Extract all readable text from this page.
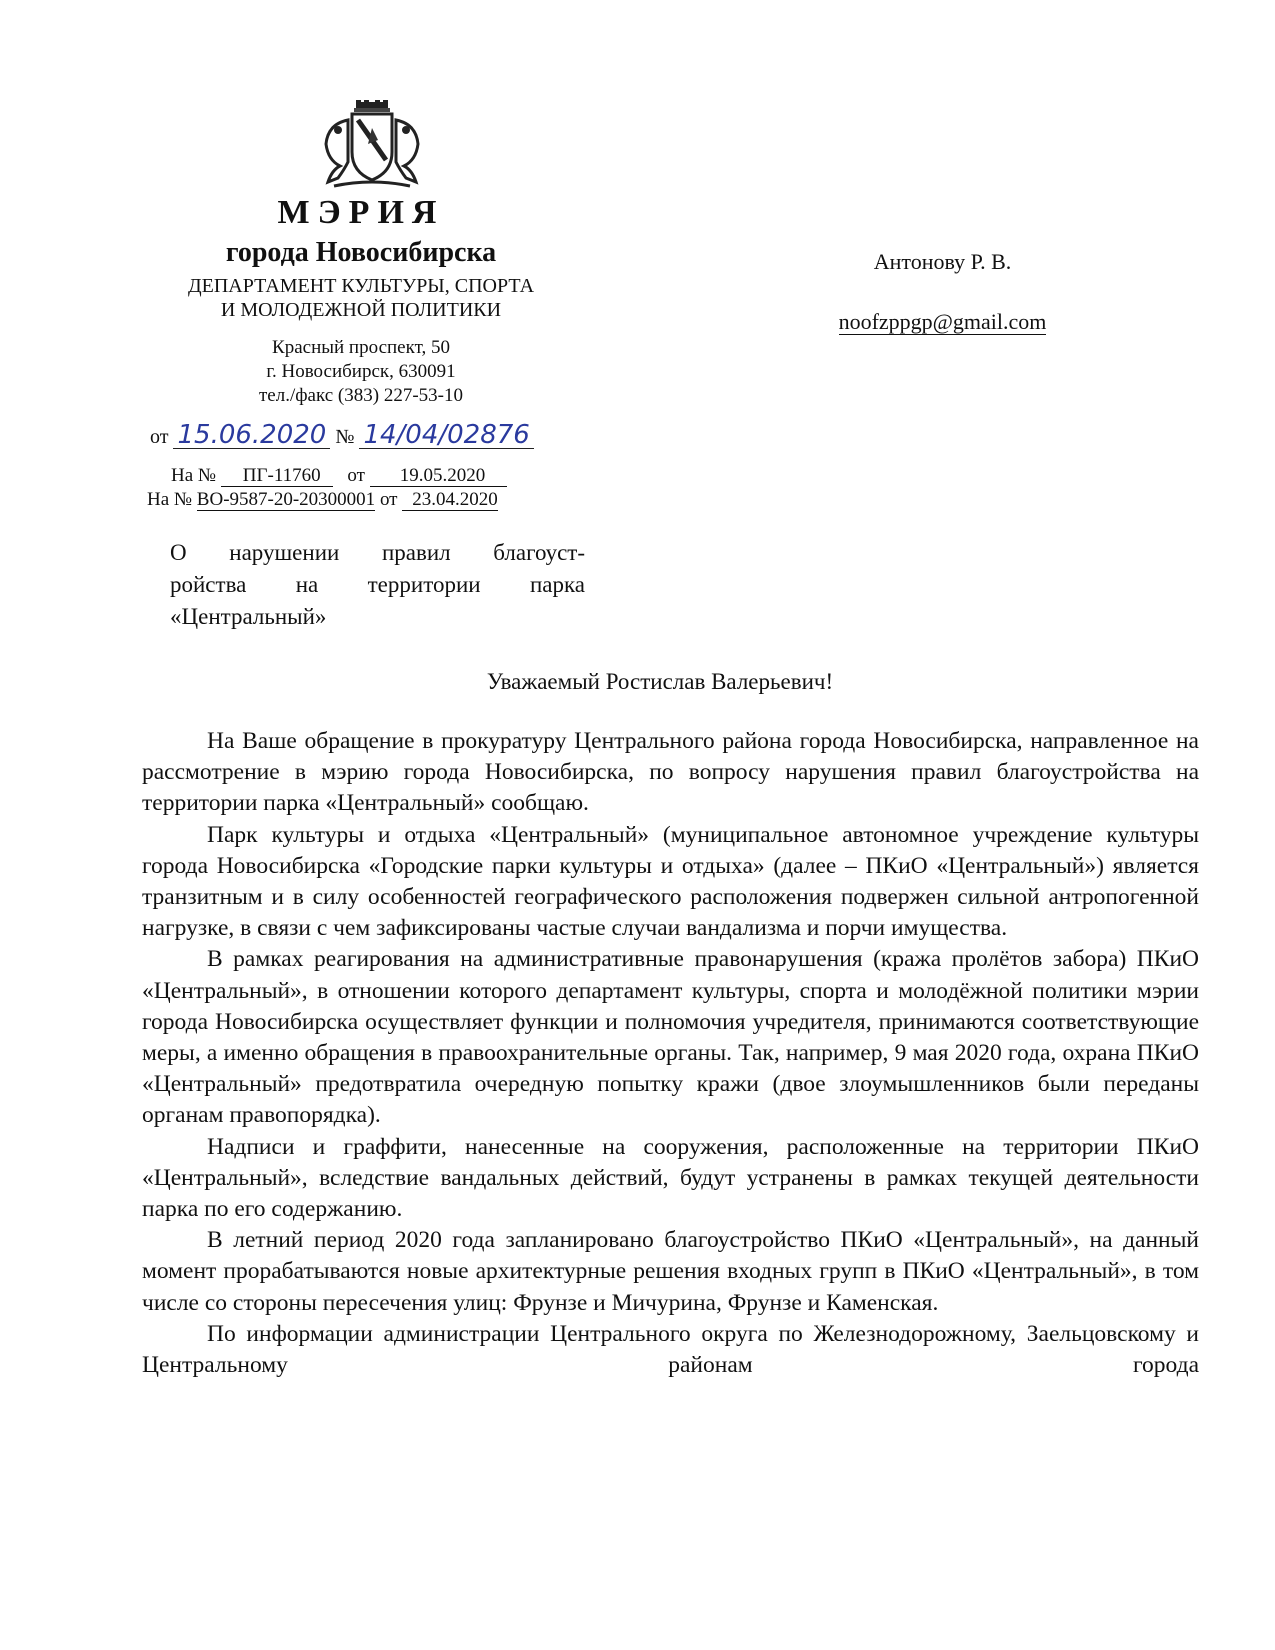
МЭРИЯ
города Новосибирска
ДЕПАРТАМЕНТ КУЛЬТУРЫ, СПОРТА
И МОЛОДЕЖНОЙ ПОЛИТИКИ
Красный проспект, 50
г. Новосибирск, 630091
тел./факс (383) 227-53-10
от 15.06.2020 № 14/04/02876
На № ПГ-11760 от 19.05.2020
На № ВО-9587-20-20300001 от 23.04.2020
О нарушении правил благоуст-
ройства на территории парка
«Центральный»
Антонову Р. В.
noofzppgp@gmail.com
Уважаемый Ростислав Валерьевич!

На Ваше обращение в прокуратуру Центрального района города Новосибирска, направленное на рассмотрение в мэрию города Новосибирска, по вопросу нарушения правил благоустройства на территории парка «Центральный» сообщаю.

Парк культуры и отдыха «Центральный» (муниципальное автономное учреждение культуры города Новосибирска «Городские парки культуры и отдыха» (далее – ПКиО «Центральный») является транзитным и в силу особенностей географического расположения подвержен сильной антропогенной нагрузке, в связи с чем зафиксированы частые случаи вандализма и порчи имущества.

В рамках реагирования на административные правонарушения (кража пролётов забора) ПКиО «Центральный», в отношении которого департамент культуры, спорта и молодёжной политики мэрии города Новосибирска осуществляет функции и полномочия учредителя, принимаются соответствующие меры, а именно обращения в правоохранительные органы. Так, например, 9 мая 2020 года, охрана ПКиО «Центральный» предотвратила очередную попытку кражи (двое злоумышленников были переданы органам правопорядка).

Надписи и граффити, нанесенные на сооружения, расположенные на территории ПКиО «Центральный», вследствие вандальных действий, будут устранены в рамках текущей деятельности парка по его содержанию.

В летний период 2020 года запланировано благоустройство ПКиО «Центральный», на данный момент прорабатываются новые архитектурные решения входных групп в ПКиО «Центральный», в том числе со стороны пересечения улиц: Фрунзе и Мичурина, Фрунзе и Каменская.

По информации администрации Центрального округа по Железнодорожному, Заельцовскому и Центральному районам города
